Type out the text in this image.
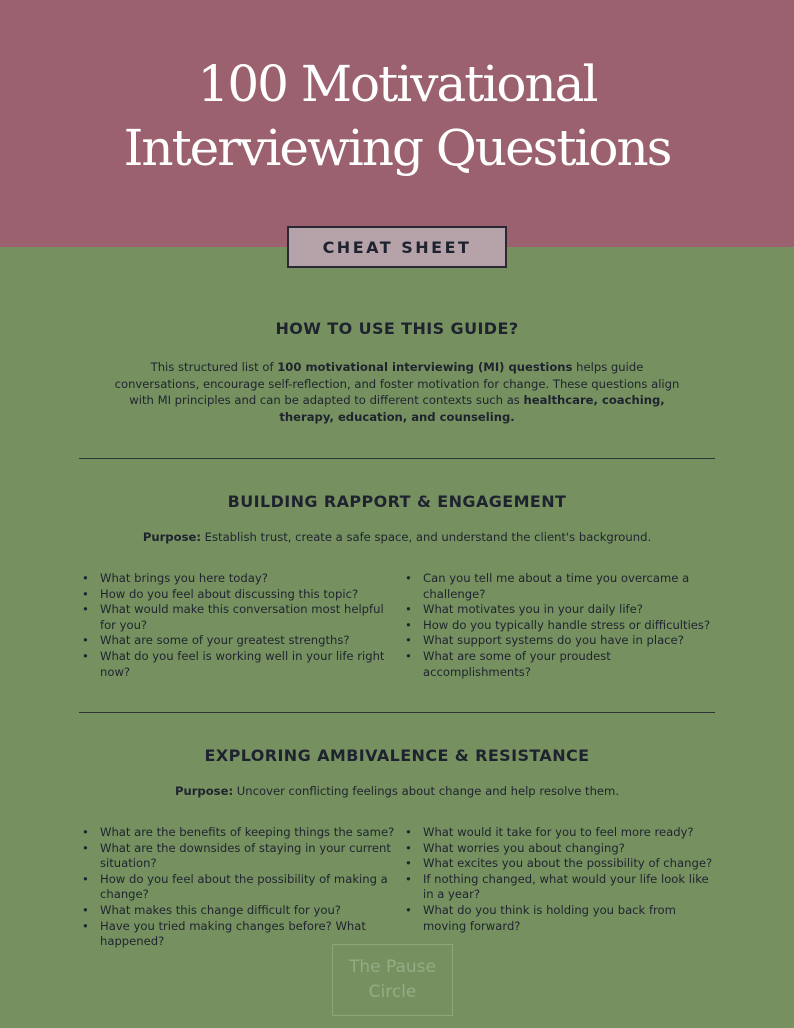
100 Motivational
Interviewing Questions
CHEAT SHEET
HOW TO USE THIS GUIDE?

This structured list of 100 motivational interviewing (MI) questions helps guide conversations, encourage self-reflection, and foster motivation for change. These questions align with MI principles and can be adapted to different contexts such as healthcare, coaching, therapy, education, and counseling.

BUILDING RAPPORT & ENGAGEMENT

Purpose: Establish trust, create a safe space, and understand the client's background.

• What brings you here today?
• How do you feel about discussing this topic?
• What would make this conversation most helpful for you?
• What are some of your greatest strengths?
• What do you feel is working well in your life right now?
• Can you tell me about a time you overcame a challenge?
• What motivates you in your daily life?
• How do you typically handle stress or difficulties?
• What support systems do you have in place?
• What are some of your proudest accomplishments?
EXPLORING AMBIVALENCE & RESISTANCE

Purpose: Uncover conflicting feelings about change and help resolve them.

• What are the benefits of keeping things the same?
• What are the downsides of staying in your current situation?
• How do you feel about the possibility of making a change?
• What makes this change difficult for you?
• Have you tried making changes before? What happened?
• What would it take for you to feel more ready?
• What worries you about changing?
• What excites you about the possibility of change?
• If nothing changed, what would your life look like in a year?
• What do you think is holding you back from moving forward?
The Pause
Circle
